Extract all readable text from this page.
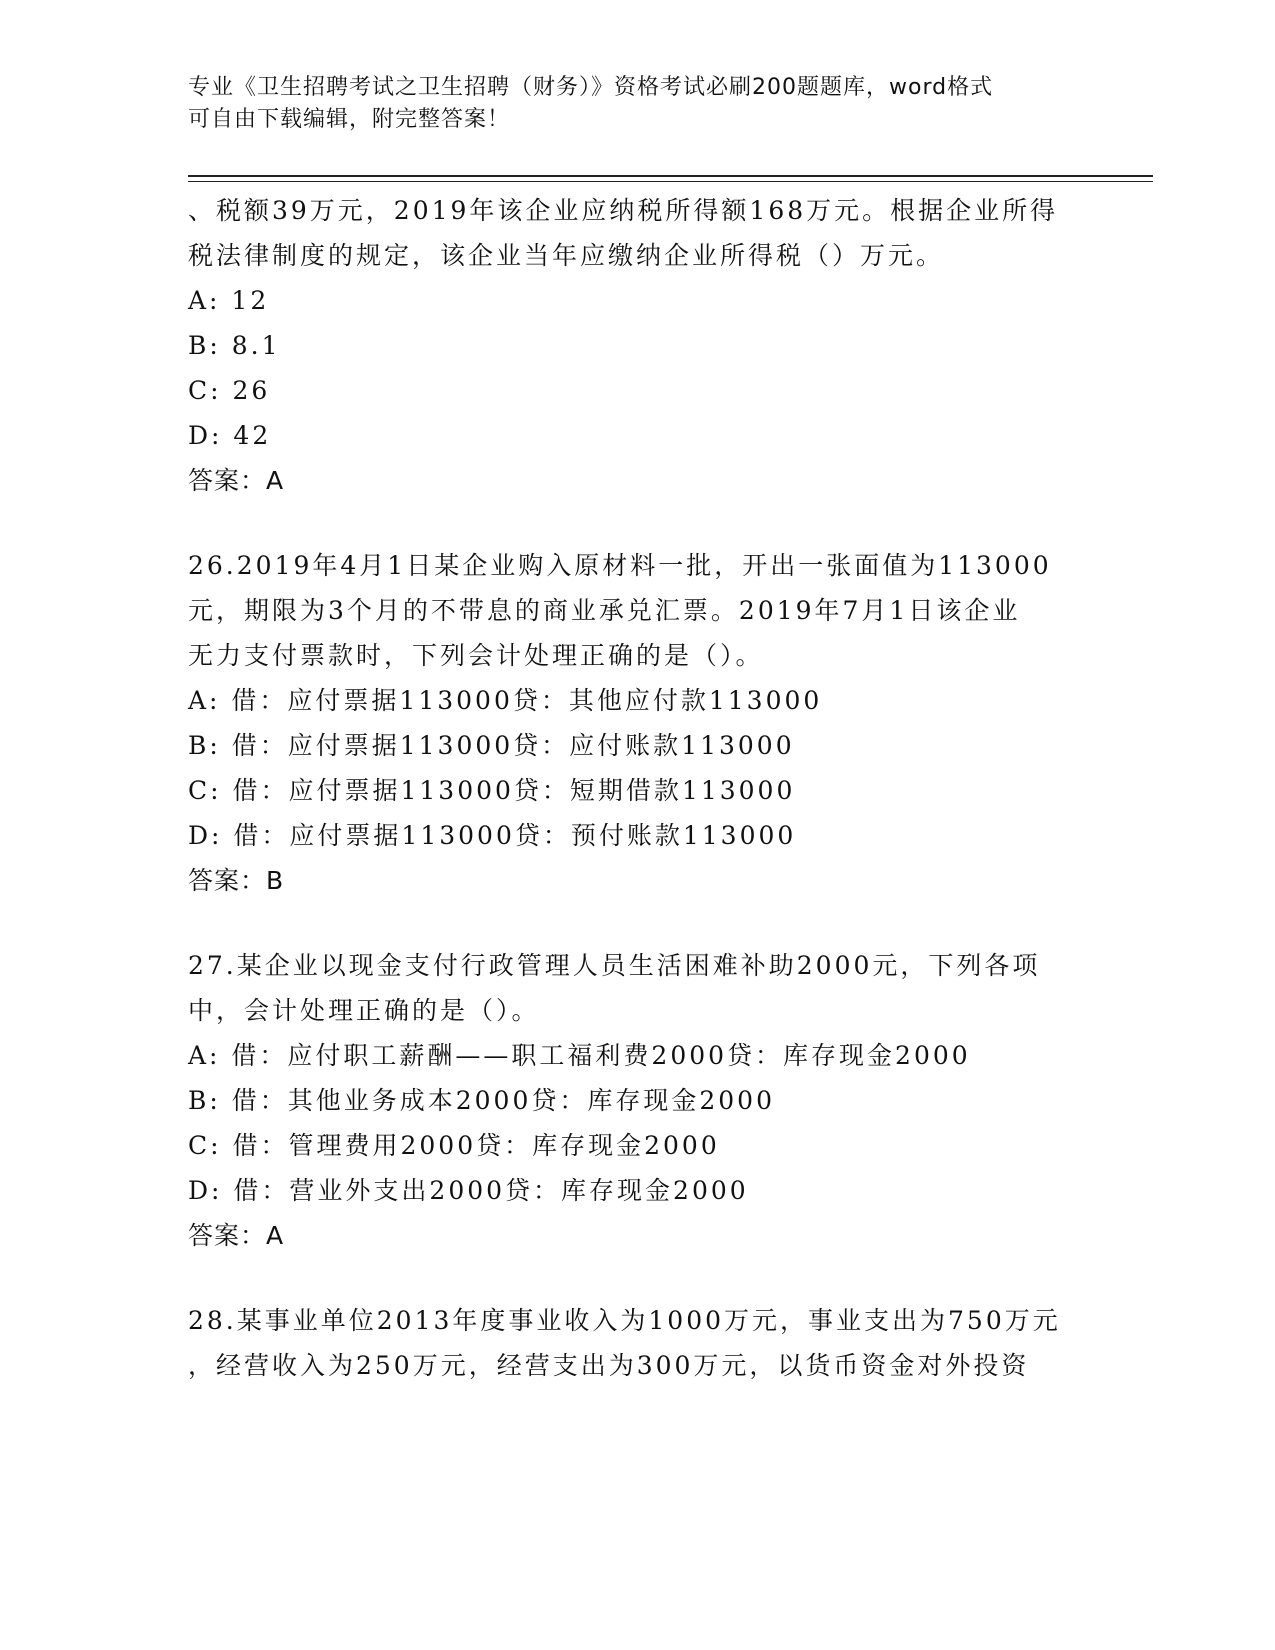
专业《卫生招聘考试之卫生招聘（财务）》资格考试必刷200题题库，word格式
可自由下载编辑，附完整答案！
、税额39万元，2019年该企业应纳税所得额168万元。根据企业所得
税法律制度的规定，该企业当年应缴纳企业所得税（）万元。
A: 12
B: 8.1
C: 26
D: 42
答案：A
26.2019年4月1日某企业购入原材料一批，开出一张面值为113000
元，期限为3个月的不带息的商业承兑汇票。2019年7月1日该企业
无力支付票款时，下列会计处理正确的是（）。
A: 借：应付票据113000贷：其他应付款113000
B: 借：应付票据113000贷：应付账款113000
C: 借：应付票据113000贷：短期借款113000
D: 借：应付票据113000贷：预付账款113000
答案：B
27.某企业以现金支付行政管理人员生活困难补助2000元，下列各项
中，会计处理正确的是（）。
A: 借：应付职工薪酬——职工福利费2000贷：库存现金2000
B: 借：其他业务成本2000贷：库存现金2000
C: 借：管理费用2000贷：库存现金2000
D: 借：营业外支出2000贷：库存现金2000
答案：A
28.某事业单位2013年度事业收入为1000万元，事业支出为750万元
，经营收入为250万元，经营支出为300万元，以货币资金对外投资
